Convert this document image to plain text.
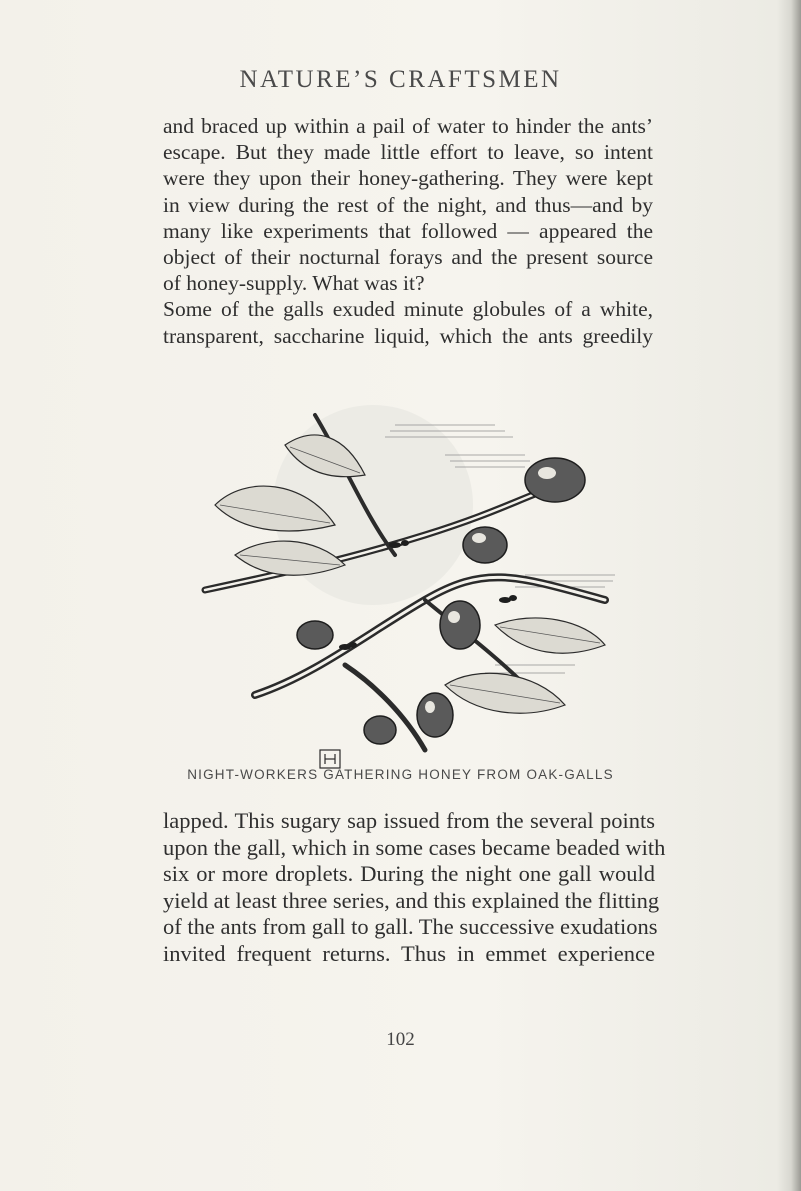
NATURE’S CRAFTSMEN

and braced up within a pail of water to hinder the ants’
escape. But they made little effort to leave, so intent
were they upon their honey-gathering. They were kept
in view during the rest of the night, and thus—and by
many like experiments that followed — appeared the
object of their nocturnal forays and the present source
of honey-supply. What was it?
Some of the galls exuded minute globules of a white,
transparent, saccharine liquid, which the ants greedily

NIGHT-WORKERS GATHERING HONEY FROM OAK-GALLS

lapped. This sugary sap issued from the several points
upon the gall, which in some cases became beaded with
six or more droplets. During the night one gall would
yield at least three series, and this explained the flitting
of the ants from gall to gall. The successive exudations
invited frequent returns. Thus in emmet experience

102
